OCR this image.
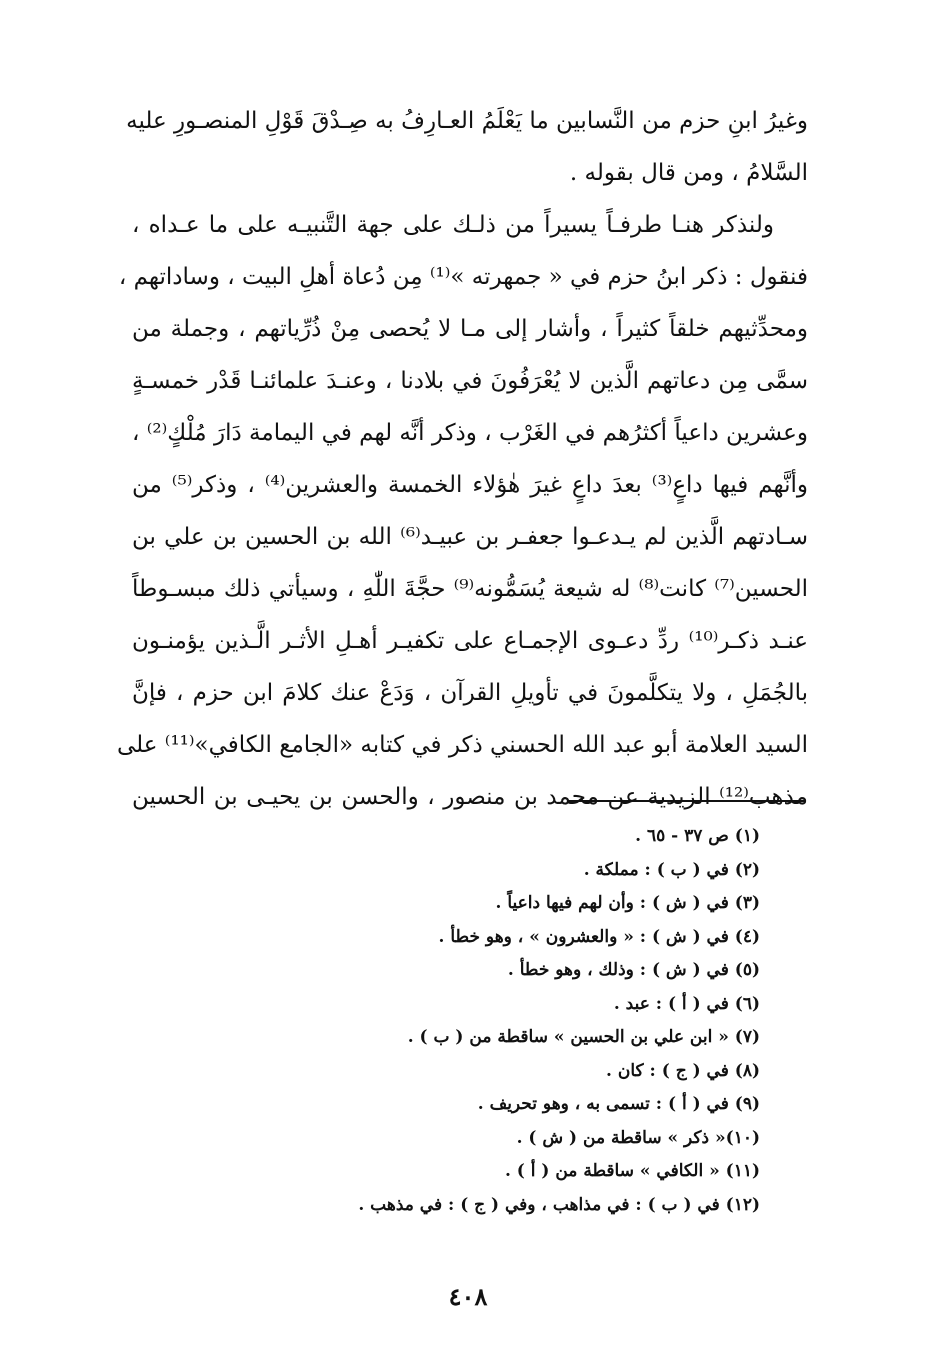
وغيرُ ابنِ حزم من النَّسابين ما يَعْلَمُ العـارِفُ به صِـدْقَ قَوْلِ المنصـورِ عليه
السَّلامُ ، ومن قال بقوله .
ولنذكر هنـا طرفـاً يسيراً من ذلـك على جهة التَّنبيـه على ما عـداه ،
فنقول : ذكر ابنُ حزم في « جمهرته »⁽¹⁾ مِن دُعاة أهلِ البيت ، وساداتهم ،
ومحدِّثيهم خلقاً كثيراً ، وأشار إلى مـا لا يُحصى مِنْ ذُرِّياتهم ، وجملة من
سمَّى مِن دعاتهم الَّذين لا يُعْرَفُونَ في بلادنا ، وعنـدَ علمائنـا قَدْر خمسـةٍ
وعشرين داعياً أكثرُهم في الغَرْب ، وذكر أنَّه لهم في اليمامة دَارَ مُلْكٍ⁽²⁾ ،
وأنَّهم فيها داعٍ⁽³⁾ بعدَ داعٍ غيرَ هٰؤلاء الخمسة والعشرين⁽⁴⁾ ، وذكر⁽⁵⁾ من
سـادتهم الَّذين لم يـدعـوا جعفـر بن عبيـد⁽⁶⁾ الله بن الحسين بن علي بن
الحسين⁽⁷⁾ كانت⁽⁸⁾ له شيعة يُسَمُّونه⁽⁹⁾ حجَّةَ اللّٰهِ ، وسيأتي ذلك مبسـوطاً
عنـد ذكـر⁽¹⁰⁾ ردِّ دعـوى الإجمـاع على تكفيـر أهـلِ الأثـر الَّـذين يؤمنـون
بالجُمَلِ ، ولا يتكلَّمونَ في تأويلِ القرآن ، وَدَعْ عنك كلامَ ابن حزم ، فإنَّ
السيد العلامة أبو عبد الله الحسني ذكر في كتابه «الجامع الكافي»⁽¹¹⁾ على
مذهب⁽¹²⁾ الزيدية عن محمد بن منصور ، والحسن بن يحيـى بن الحسين
(١) ص ٣٧ - ٦٥ .
(٢) في ( ب ) : مملكة .
(٣) في ( ش ) : وأن لهم فيها داعياً .
(٤) في ( ش ) : « والعشرون » ، وهو خطأ .
(٥) في ( ش ) : وذلك ، وهو خطأ .
(٦) في ( أ ) : عبد .
(٧) « ابن علي بن الحسين » ساقطة من ( ب ) .
(٨) في ( ج ) : كان .
(٩) في ( أ ) : تسمى به ، وهو تحريف .
(١٠)« ذكر » ساقطة من ( ش ) .
(١١) « الكافي » ساقطة من ( أ ) .
(١٢) في ( ب ) : في مذاهب ، وفي ( ج ) : في مذهب .
٤٠٨
